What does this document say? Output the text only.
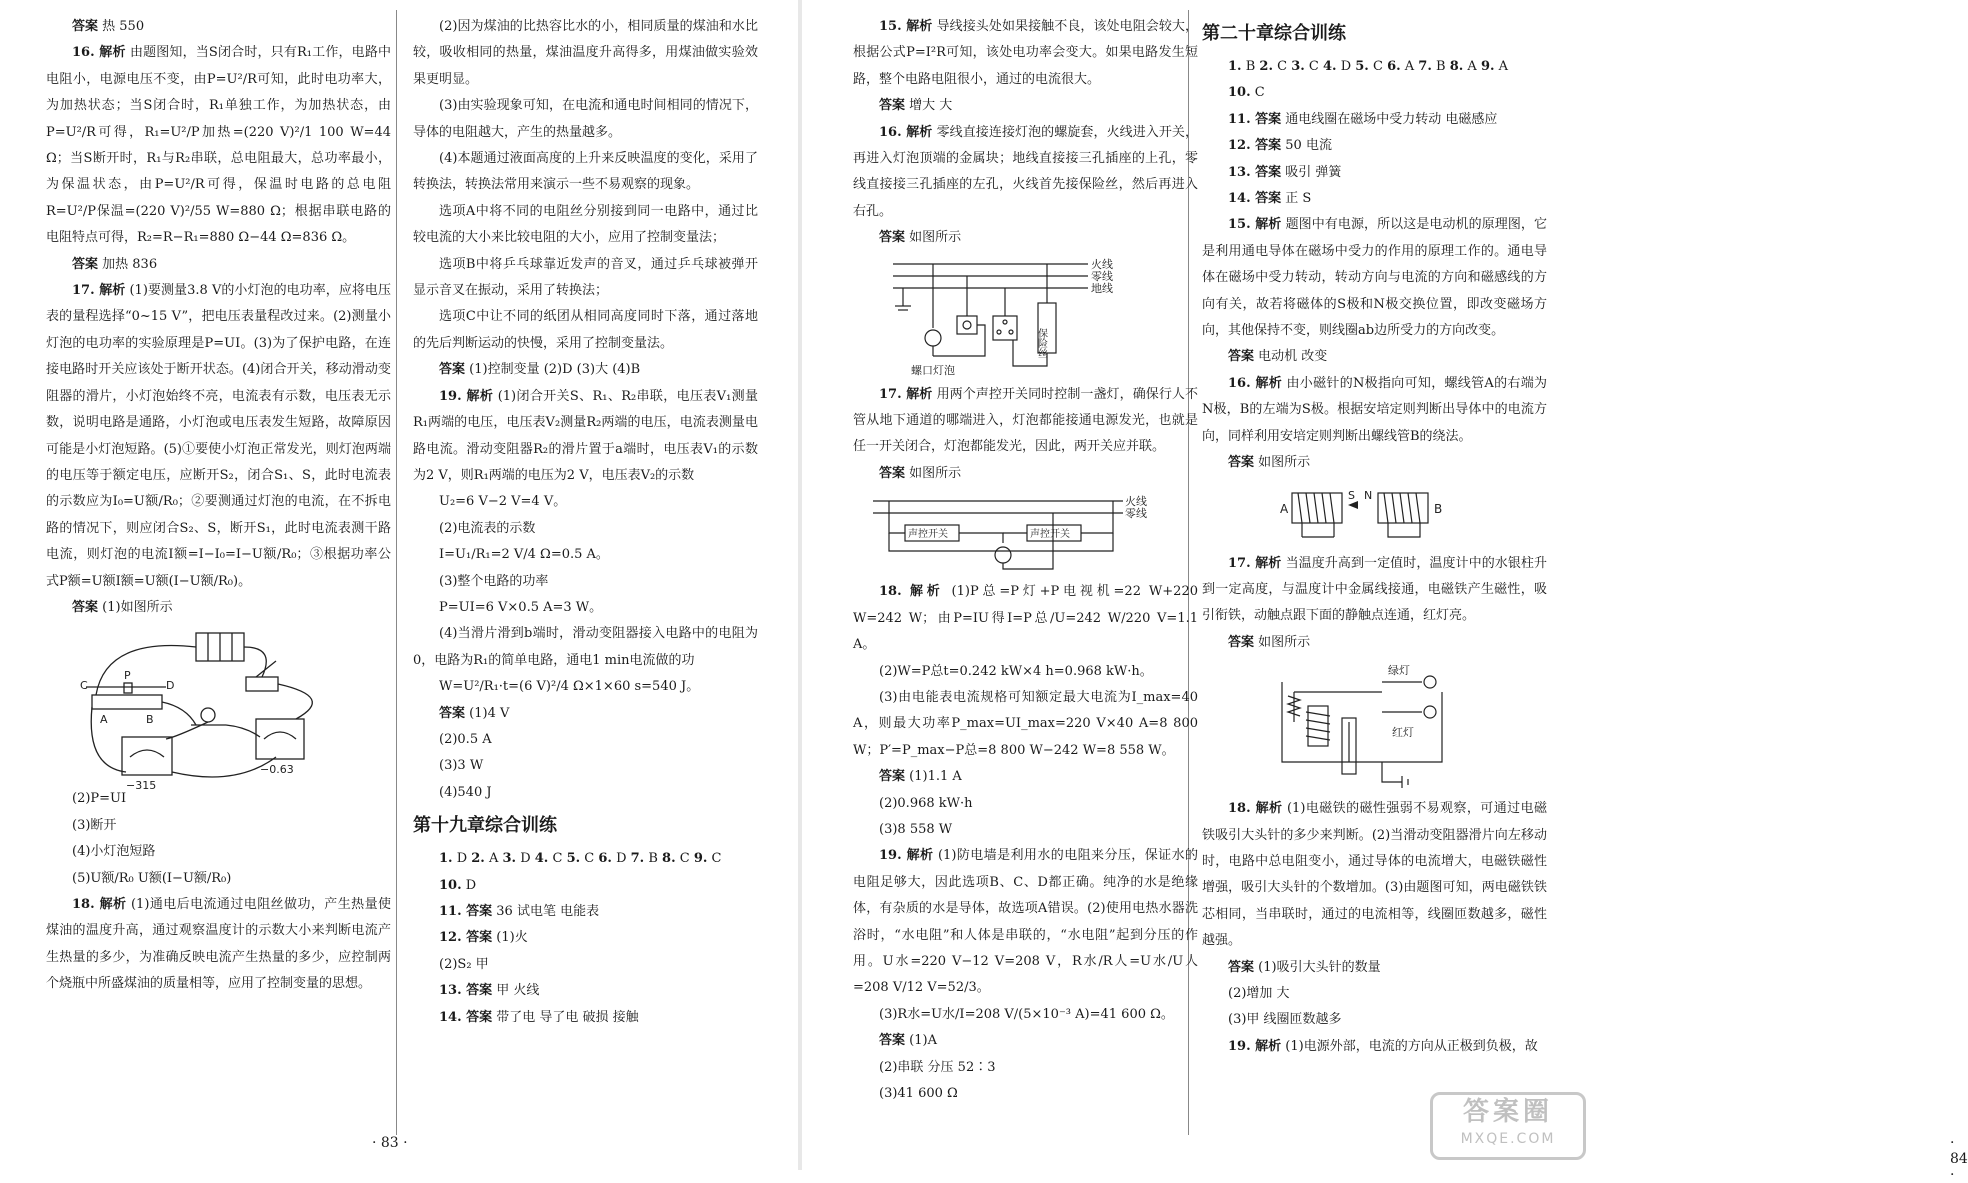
答案 热 550

16. 解析 由题图知，当S闭合时，只有R₁工作，电路中电阻小，电源电压不变，由P=U²/R可知，此时电功率大，为加热状态；当S闭合时，R₁单独工作，为加热状态，由P=U²/R可得，R₁=U²/P加热=(220 V)²/1 100 W=44 Ω；当S断开时，R₁与R₂串联，总电阻最大，总功率最小，为保温状态，由P=U²/R可得，保温时电路的总电阻R=U²/P保温=(220 V)²/55 W=880 Ω；根据串联电路的电阻特点可得，R₂=R−R₁=880 Ω−44 Ω=836 Ω。

答案 加热 836

17. 解析 (1)要测量3.8 V的小灯泡的电功率，应将电压表的量程选择“0~15 V”，把电压表量程改过来。(2)测量小灯泡的电功率的实验原理是P=UI。(3)为了保护电路，在连接电路时开关应该处于断开状态。(4)闭合开关，移动滑动变阻器的滑片，小灯泡始终不亮，电流表有示数，电压表无示数，说明电路是通路，小灯泡或电压表发生短路，故障原因可能是小灯泡短路。(5)①要使小灯泡正常发光，则灯泡两端的电压等于额定电压，应断开S₂，闭合S₁、S，此时电流表的示数应为I₀=U额/R₀；②要测通过灯泡的电流，在不拆电路的情况下，则应闭合S₂、S，断开S₁，此时电流表测干路电流，则灯泡的电流I额=I−I₀=I−U额/R₀；③根据功率公式P额=U额I额=U额(I−U额/R₀)。

答案 (1)如图所示

C
P
D
A	B
−315
−0.63

(2)P=UI

(3)断开

(4)小灯泡短路

(5)U额/R₀ U额(I−U额/R₀)

18. 解析 (1)通电后电流通过电阻丝做功，产生热量使煤油的温度升高，通过观察温度计的示数大小来判断电流产生热量的多少，为准确反映电流产生热量的多少，应控制两个烧瓶中所盛煤油的质量相等，应用了控制变量的思想。

(2)因为煤油的比热容比水的小，相同质量的煤油和水比较，吸收相同的热量，煤油温度升高得多，用煤油做实验效果更明显。

(3)由实验现象可知，在电流和通电时间相同的情况下，导体的电阻越大，产生的热量越多。

(4)本题通过液面高度的上升来反映温度的变化，采用了转换法，转换法常用来演示一些不易观察的现象。

选项A中将不同的电阻丝分别接到同一电路中，通过比较电流的大小来比较电阻的大小，应用了控制变量法；

选项B中将乒乓球靠近发声的音叉，通过乒乓球被弹开显示音叉在振动，采用了转换法；

选项C中让不同的纸团从相同高度同时下落，通过落地的先后判断运动的快慢，采用了控制变量法。

答案 (1)控制变量 (2)D (3)大 (4)B

19. 解析 (1)闭合开关S、R₁、R₂串联，电压表V₁测量R₁两端的电压，电压表V₂测量R₂两端的电压，电流表测量电路电流。滑动变阻器R₂的滑片置于a端时，电压表V₁的示数为2 V，则R₁两端的电压为2 V，电压表V₂的示数

U₂=6 V−2 V=4 V。

(2)电流表的示数

I=U₁/R₁=2 V/4 Ω=0.5 A。

(3)整个电路的功率

P=UI=6 V×0.5 A=3 W。

(4)当滑片滑到b端时，滑动变阻器接入电路中的电阻为0，电路为R₁的简单电路，通电1 min电流做的功

W=U²/R₁·t=(6 V)²/4 Ω×1×60 s=540 J。

答案 (1)4 V

(2)0.5 A

(3)3 W

(4)540 J

第十九章综合训练

1. D 2. A 3. D 4. C 5. C 6. D 7. B 8. C 9. C

10. D

11. 答案 36 试电笔 电能表

12. 答案 (1)火

(2)S₂ 甲

13. 答案 甲 火线

14. 答案 带了电 导了电 破损 接触

· 83 ·

15. 解析 导线接头处如果接触不良，该处电阻会较大，根据公式P=I²R可知，该处电功率会变大。如果电路发生短路，整个电路电阻很小，通过的电流很大。

答案 增大 大

16. 解析 零线直接连接灯泡的螺旋套，火线进入开关，再进入灯泡顶端的金属块；地线直接接三孔插座的上孔，零线直接接三孔插座的左孔，火线首先接保险丝，然后再进入右孔。

答案 如图所示

火线
零线
地线
螺口灯泡
保险丝

17. 解析 用两个声控开关同时控制一盏灯，确保行人不管从地下通道的哪端进入，灯泡都能接通电源发光，也就是任一开关闭合，灯泡都能发光，因此，两开关应并联。

答案 如图所示

火线
零线
声控开关	声控开关

18. 解析 (1)P总=P灯+P电视机=22 W+220 W=242 W；由P=IU得I=P总/U=242 W/220 V=1.1 A。

(2)W=P总t=0.242 kW×4 h=0.968 kW·h。

(3)由电能表电流规格可知额定最大电流为I_max=40 A，则最大功率P_max=UI_max=220 V×40 A=8 800 W；P′=P_max−P总=8 800 W−242 W=8 558 W。

答案 (1)1.1 A

(2)0.968 kW·h

(3)8 558 W

19. 解析 (1)防电墙是利用水的电阻来分压，保证水的电阻足够大，因此选项B、C、D都正确。纯净的水是绝缘体，有杂质的水是导体，故选项A错误。(2)使用电热水器洗浴时，“水电阻”和人体是串联的，“水电阻”起到分压的作用。U水=220 V−12 V=208 V，R水/R人=U水/U人=208 V/12 V=52/3。

(3)R水=U水/I=208 V/(5×10⁻³ A)=41 600 Ω。

答案 (1)A

(2)串联 分压 52∶3

(3)41 600 Ω

第二十章综合训练

1. B 2. C 3. C 4. D 5. C 6. A 7. B 8. A 9. A

10. C

11. 答案 通电线圈在磁场中受力转动 电磁感应

12. 答案 50 电流

13. 答案 吸引 弹簧

14. 答案 正 S

15. 解析 题图中有电源，所以这是电动机的原理图，它是利用通电导体在磁场中受力的作用的原理工作的。通电导体在磁场中受力转动，转动方向与电流的方向和磁感线的方向有关，故若将磁体的S极和N极交换位置，即改变磁场方向，其他保持不变，则线圈ab边所受力的方向改变。

答案 电动机 改变

16. 解析 由小磁针的N极指向可知，螺线管A的右端为N极，B的左端为S极。根据安培定则判断出导体中的电流方向，同样利用安培定则判断出螺线管B的绕法。

答案 如图所示

A
S N
B

17. 解析 当温度升高到一定值时，温度计中的水银柱升到一定高度，与温度计中金属线接通，电磁铁产生磁性，吸引衔铁，动触点跟下面的静触点连通，红灯亮。

答案 如图所示

绿灯
红灯

18. 解析 (1)电磁铁的磁性强弱不易观察，可通过电磁铁吸引大头针的多少来判断。(2)当滑动变阻器滑片向左移动时，电路中总电阻变小，通过导体的电流增大，电磁铁磁性增强，吸引大头针的个数增加。(3)由题图可知，两电磁铁铁芯相同，当串联时，通过的电流相等，线圈匝数越多，磁性越强。

答案 (1)吸引大头针的数量

(2)增加 大

(3)甲 线圈匝数越多

19. 解析 (1)电源外部，电流的方向从正极到负极，故

· 84 ·
答案圈
MXQE.COM
